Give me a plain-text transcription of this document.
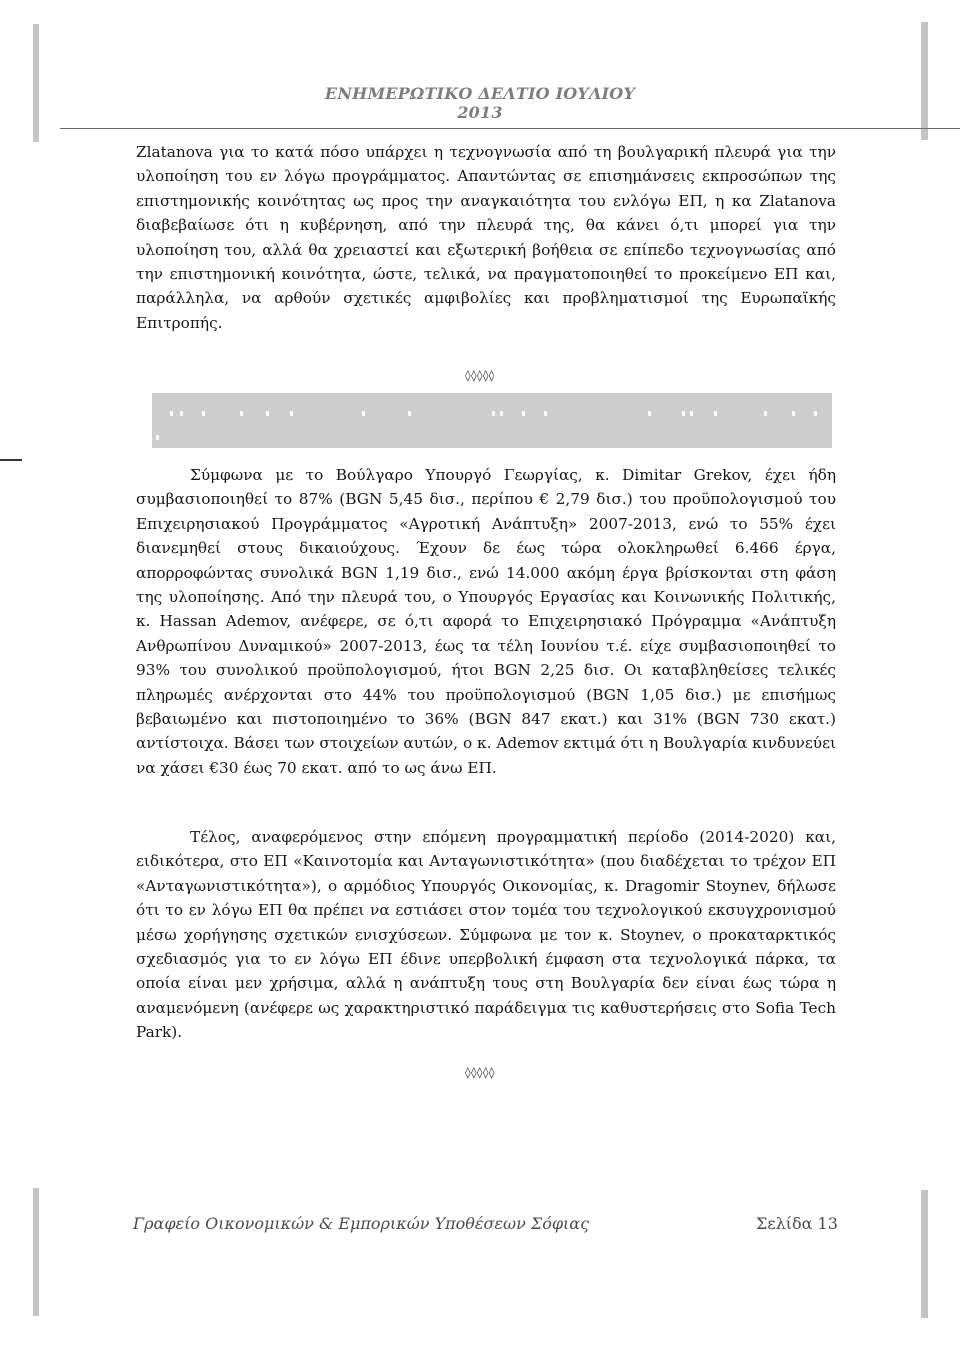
ΕΝΗΜΕΡΩΤΙΚΟ ΔΕΛΤΙΟ ΙΟΥΛΙΟΥ 2013

Zlatanova για το κατά πόσο υπάρχει η τεχνογνωσία από τη βουλγαρική πλευρά για την υλοποίηση του εν λόγω προγράμματος. Απαντώντας σε επισημάνσεις εκπροσώπων της επιστημονικής κοινότητας ως προς την αναγκαιότητα του ενλόγω ΕΠ, η κα Zlatanova διαβεβαίωσε ότι η κυβέρνηση, από την πλευρά της, θα κάνει ό,τι μπορεί για την υλοποίηση του, αλλά θα χρειαστεί και εξωτερική βοήθεια σε επίπεδο τεχνογνωσίας από την επιστημονική κοινότητα, ώστε, τελικά, να πραγματοποιηθεί το προκείμενο ΕΠ και, παράλληλα, να αρθούν σχετικές αμφιβολίες και προβληματισμοί της Ευρωπαϊκής Επιτροπής.

◊◊◊◊◊

Σύμφωνα με το Βούλγαρο Υπουργό Γεωργίας, κ. Dimitar Grekov, έχει ήδη συμβασιοποιηθεί το 87% (BGN 5,45 δισ., περίπου € 2,79 δισ.) του προϋπολογισμού του Επιχειρησιακού Προγράμματος «Αγροτική Ανάπτυξη» 2007-2013, ενώ το 55% έχει διανεμηθεί στους δικαιούχους. Έχουν δε έως τώρα ολοκληρωθεί 6.466 έργα, απορροφώντας συνολικά BGN 1,19 δισ., ενώ 14.000 ακόμη έργα βρίσκονται στη φάση της υλοποίησης. Από την πλευρά του, ο Υπουργός Εργασίας και Κοινωνικής Πολιτικής, κ. Hassan Ademov, ανέφερε, σε ό,τι αφορά το Επιχειρησιακό Πρόγραμμα «Ανάπτυξη Ανθρωπίνου Δυναμικού» 2007-2013, έως τα τέλη Ιουνίου τ.έ. είχε συμβασιοποιηθεί το 93% του συνολικού προϋπολογισμού, ήτοι BGN 2,25 δισ. Οι καταβληθείσες τελικές πληρωμές ανέρχονται στο 44% του προϋπολογισμού (BGN 1,05 δισ.) με επισήμως βεβαιωμένο και πιστοποιημένο το 36% (BGN 847 εκατ.) και 31% (BGN 730 εκατ.) αντίστοιχα. Βάσει των στοιχείων αυτών, ο κ. Ademov εκτιμά ότι η Βουλγαρία κινδυνεύει να χάσει €30 έως 70 εκατ. από το ως άνω ΕΠ.

Τέλος, αναφερόμενος στην επόμενη προγραμματική περίοδο (2014-2020) και, ειδικότερα, στο ΕΠ «Καινοτομία και Ανταγωνιστικότητα» (που διαδέχεται το τρέχον ΕΠ «Ανταγωνιστικότητα»), ο αρμόδιος Υπουργός Οικονομίας, κ. Dragomir Stoynev, δήλωσε ότι το εν λόγω ΕΠ θα πρέπει να εστιάσει στον τομέα του τεχνολογικού εκσυγχρονισμού μέσω χορήγησης σχετικών ενισχύσεων. Σύμφωνα με τον κ. Stoynev, ο προκαταρκτικός σχεδιασμός για το εν λόγω ΕΠ έδινε υπερβολική έμφαση στα τεχνολογικά πάρκα, τα οποία είναι μεν χρήσιμα, αλλά η ανάπτυξη τους στη Βουλγαρία δεν είναι έως τώρα η αναμενόμενη (ανέφερε ως χαρακτηριστικό παράδειγμα τις καθυστερήσεις στο Sofia Tech Park).

◊◊◊◊◊
Γραφείο Οικονομικών & Εμπορικών Υποθέσεων Σόφιας	Σελίδα 13
